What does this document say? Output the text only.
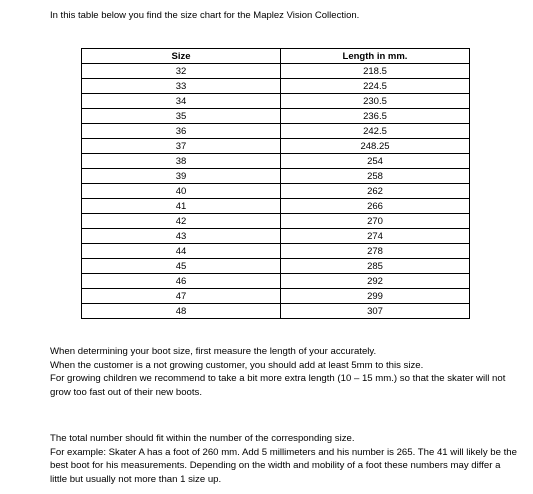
In this table below you find the size chart for the Maplez Vision Collection.
Size	Length in mm.
32	218.5
33	224.5
34	230.5
35	236.5
36	242.5
37	248.25
38	254
39	258
40	262
41	266
42	270
43	274
44	278
45	285
46	292
47	299
48	307

When determining your boot size, first measure the length of your accurately.

When the customer is a not growing customer, you should add at least 5mm to this size.

For growing children we recommend to take a bit more extra length (10 – 15 mm.) so that the skater will not grow too fast out of their new boots.

The total number should fit within the number of the corresponding size.

For example: Skater A has a foot of 260 mm. Add 5 millimeters and his number is 265. The 41 will likely be the best boot for his measurements. Depending on the width and mobility of a foot these numbers may differ a little but usually not more than 1 size up.
